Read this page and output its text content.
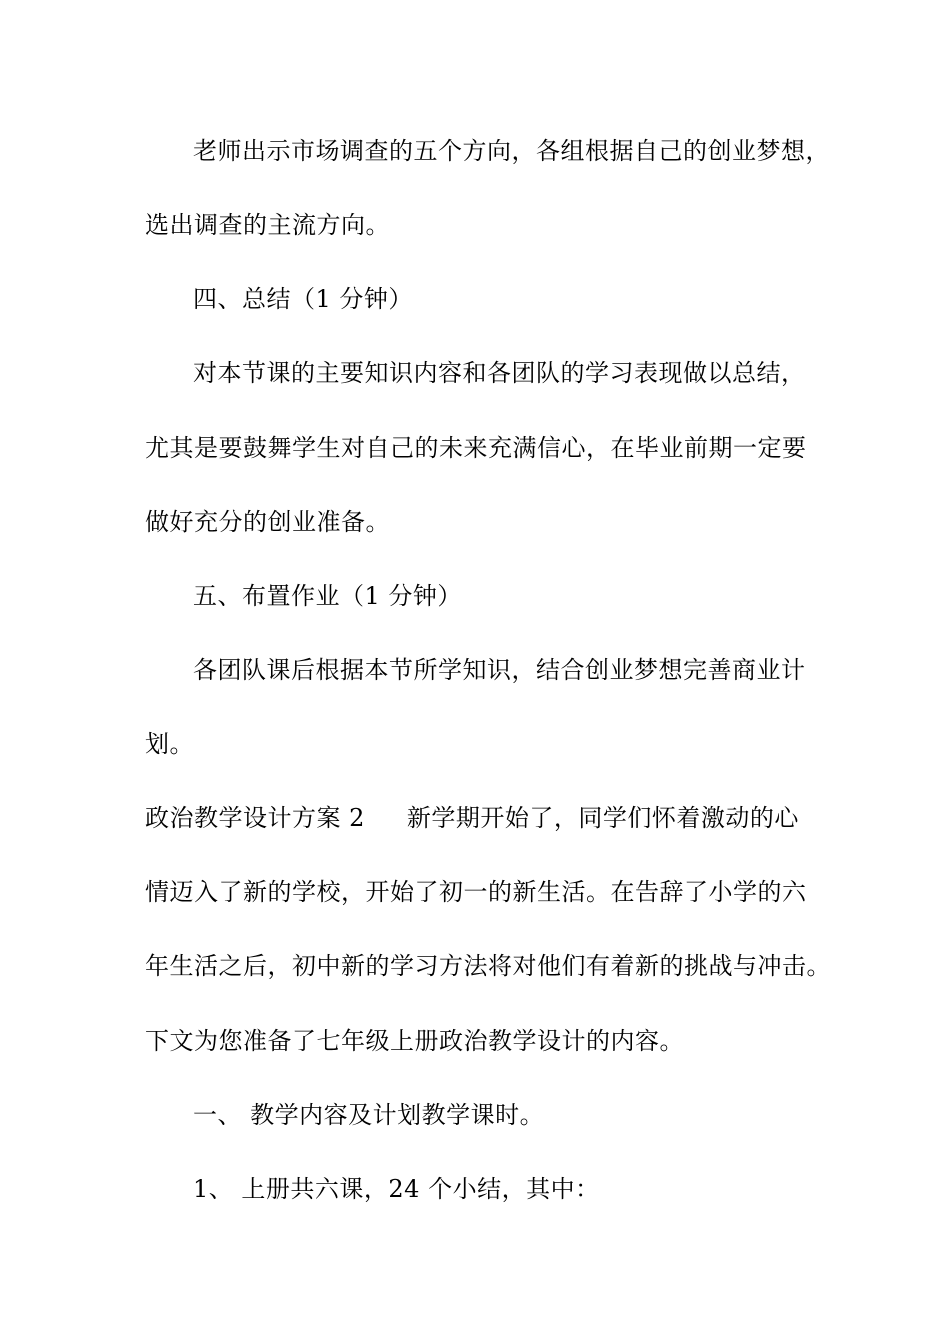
老师出示市场调查的五个方向，各组根据自己的创业梦想，
选出调查的主流方向。
四、总结（1 分钟）
对本节课的主要知识内容和各团队的学习表现做以总结，
尤其是要鼓舞学生对自己的未来充满信心，在毕业前期一定要
做好充分的创业准备。
五、布置作业（1 分钟）
各团队课后根据本节所学知识，结合创业梦想完善商业计
划。
政治教学设计方案 2 新学期开始了，同学们怀着激动的心
情迈入了新的学校，开始了初一的新生活。在告辞了小学的六
年生活之后，初中新的学习方法将对他们有着新的挑战与冲击。
下文为您准备了七年级上册政治教学设计的内容。
一、 教学内容及计划教学课时。
1、 上册共六课，24 个小结，其中：
